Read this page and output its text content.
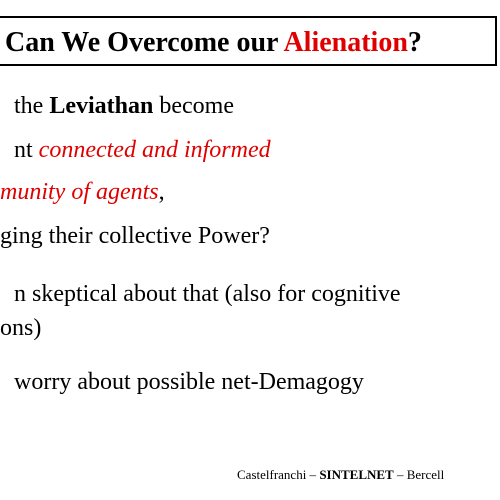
Can We Overcome our Alienation?
the Leviathan become
nt connected and informed
munity of agents,
ging their collective Power?
n skeptical about that (also for cognitive
ons)
worry about possible net-Demagogy
Castelfranchi – SINTELNET – Bercell
